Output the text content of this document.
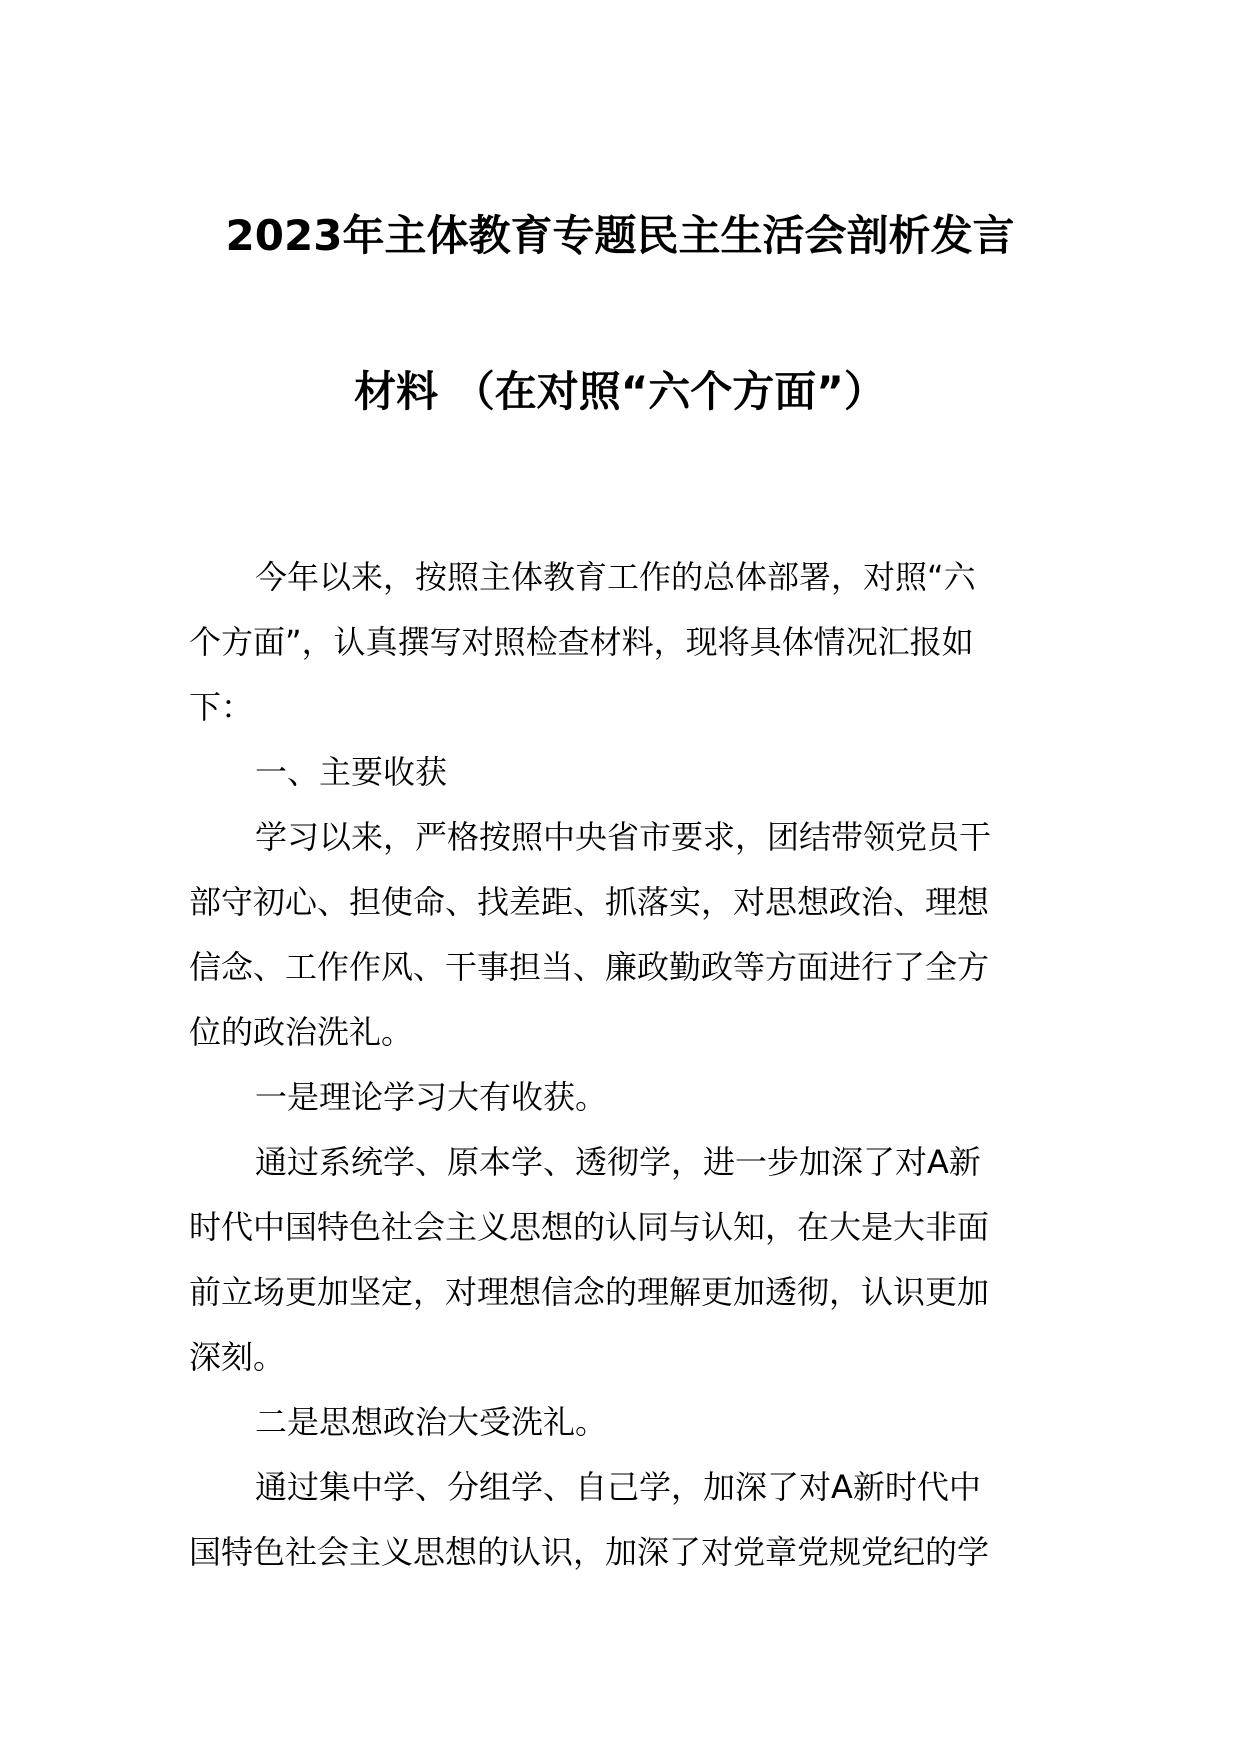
2023年主体教育专题民主生活会剖析发言
材料 （在对照“六个方面”）
今年以来，按照主体教育工作的总体部署，对照“六
个方面”，认真撰写对照检查材料，现将具体情况汇报如
下：
一、主要收获
学习以来，严格按照中央省市要求，团结带领党员干
部守初心、担使命、找差距、抓落实，对思想政治、理想
信念、工作作风、干事担当、廉政勤政等方面进行了全方
位的政治洗礼。
一是理论学习大有收获。
通过系统学、原本学、透彻学，进一步加深了对A新
时代中国特色社会主义思想的认同与认知，在大是大非面
前立场更加坚定，对理想信念的理解更加透彻，认识更加
深刻。
二是思想政治大受洗礼。
通过集中学、分组学、自己学，加深了对A新时代中
国特色社会主义思想的认识，加深了对党章党规党纪的学
